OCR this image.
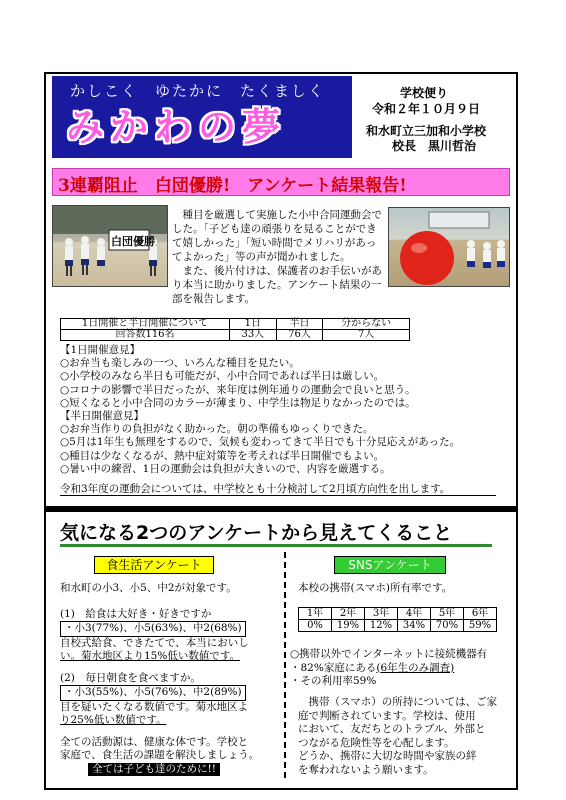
かしこく　ゆたかに　たくましく
みかわの夢
学校便り
令和２年１０月９日
和水町立三加和小学校
校長　黒川哲治
3連覇阻止　白団優勝!　アンケート結果報告!
白団優勝
　種目を厳選して実施した小中合同運動会でした。「子ども達の頑張りを見ることができて嬉しかった」「短い時間でメリハリがあってよかった」等の声が聞かれました。
　また、後片付けは、保護者のお手伝いがあり本当に助かりました。アンケート結果の一部を報告します。
1日開催と半日開催について	1日	半日	分からない
回答数116名	33人	76人	7人
【1日開催意見】
○お弁当も楽しみの一つ、いろんな種目を見たい。
○小学校のみなら半日も可能だが、小中合同であれば半日は厳しい。
○コロナの影響で半日だったが、来年度は例年通りの運動会で良いと思う。
○短くなると小中合同のカラーが薄まり、中学生は物足りなかったのでは。
【半日開催意見】
○お弁当作りの負担がなく助かった。朝の準備もゆっくりできた。
○5月は1年生も無理をするので、気候も変わってきて半日でも十分見応えがあった。
○種目は少なくなるが、熱中症対策等を考えれば半日開催でもよい。
○暑い中の練習、1日の運動会は負担が大きいので、内容を厳選する。
令和3年度の運動会については、中学校とも十分検討して2月頃方向性を出します。
気になる2つのアンケートから見えてくること
食生活アンケート
和水町の小3、小5、中2が対象です。
(1)　給食は大好き・好きですか
・小3(77%)、小5(63%)、中2(68%)
自校式給食、できたてで、本当においし
い。菊水地区より15%低い数値です。
(2)　毎日朝食を食べますか。
・小3(55%)、小5(76%)、中2(89%)
目を疑いたくなる数値です。菊水地区よ
り25%低い数値です。
全ての活動源は、健康な体です。学校と
家庭で、食生活の課題を解決しましょう。
全ては子ども達のために!!
SNSアンケート
本校の携帯(スマホ)所有率です。
1年	2年	3年	4年	5年	6年
0%	19%	12%	34%	70%	59%
○携帯以外でインターネットに接続機器有
・82%家庭にある(6年生のみ調査)
・その利用率59%
　携帯（スマホ）の所持については、ご家
庭で判断されています。学校は、使用
において、友だちとのトラブル、外部と
つながる危険性等を心配します。
どうか、携帯に大切な時間や家族の絆
を奪われないよう願います。
